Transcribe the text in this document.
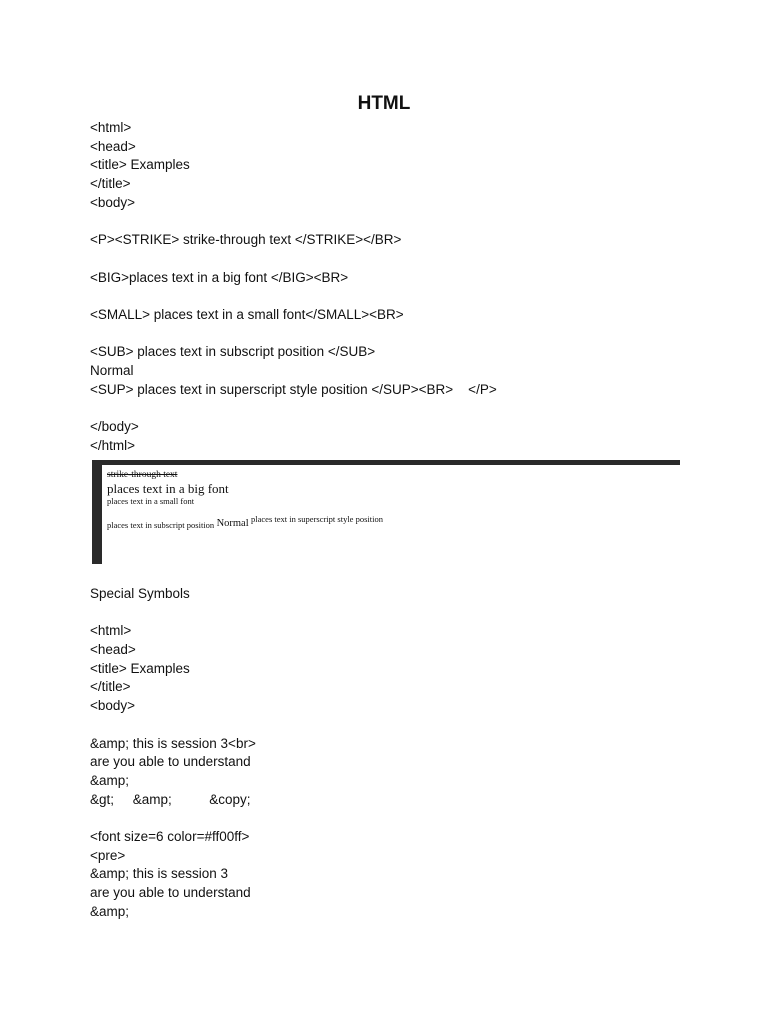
HTML
<html>
<head>
<title> Examples
</title>
<body>
<P><STRIKE> strike-through text </STRIKE></BR>
<BIG>places text in a big font </BIG><BR>
<SMALL> places text in a small font</SMALL><BR>
<SUB> places text in subscript position </SUB>
Normal
<SUP> places text in superscript style position </SUP><BR>    </P>
</body>
</html>
strike-through text
places text in a big font
places text in a small font
places text in subscript position Normal places text in superscript style position
Special Symbols
<html>
<head>
<title> Examples
</title>
<body>
&amp; this is session 3<br>
are you able to understand
&amp;
&gt;     &amp;          &copy;
<font size=6 color=#ff00ff>
<pre>
&amp; this is session 3
are you able to understand
&amp;
